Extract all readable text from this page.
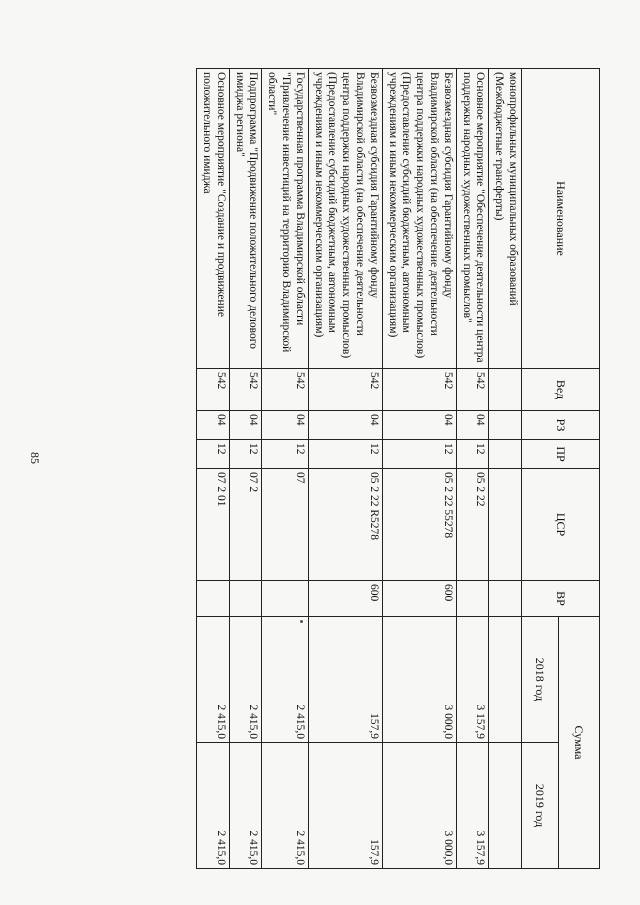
85
Наименование	Вед	РЗ	ПР	ЦСР	ВР	Сумма	
						2018 год	2019 год
монопрофильных муниципальных образований (Межбюджетные трансферты)							
Основное мероприятие "Обеспечение деятельности центра поддержки народных художественных промыслов"	542	04	12	05 2 22		3 157,9	3 157,9
Безвозмездная субсидия Гарантийному фонду Владимирской области (на обеспечение деятельности центра поддержки народных художественных промыслов) (Предоставление субсидий бюджетным, автономным учреждениям и иным некоммерческим организациям)	542	04	12	05 2 22 55278	600	3 000,0	3 000,0
Безвозмездная субсидия Гарантийному фонду Владимирской области (на обеспечение деятельности центра поддержки народных художественных промыслов) (Предоставление субсидий бюджетным, автономным учреждениям и иным некоммерческим организациям)	542	04	12	05 2 22 R5278	600	157,9	157,9
Государственная программа Владимирской области "Привлечение инвестиций на территорию Владимирской области"	542	04	12	07		2 415,0	2 415,0
Подпрограмма "Продвижение положительного делового имиджа региона"	542	04	12	07 2		2 415,0	2 415,0
Основное мероприятие "Создание и продвижение положительного имиджа	542	04	12	07 2 01		2 415,0	2 415,0
